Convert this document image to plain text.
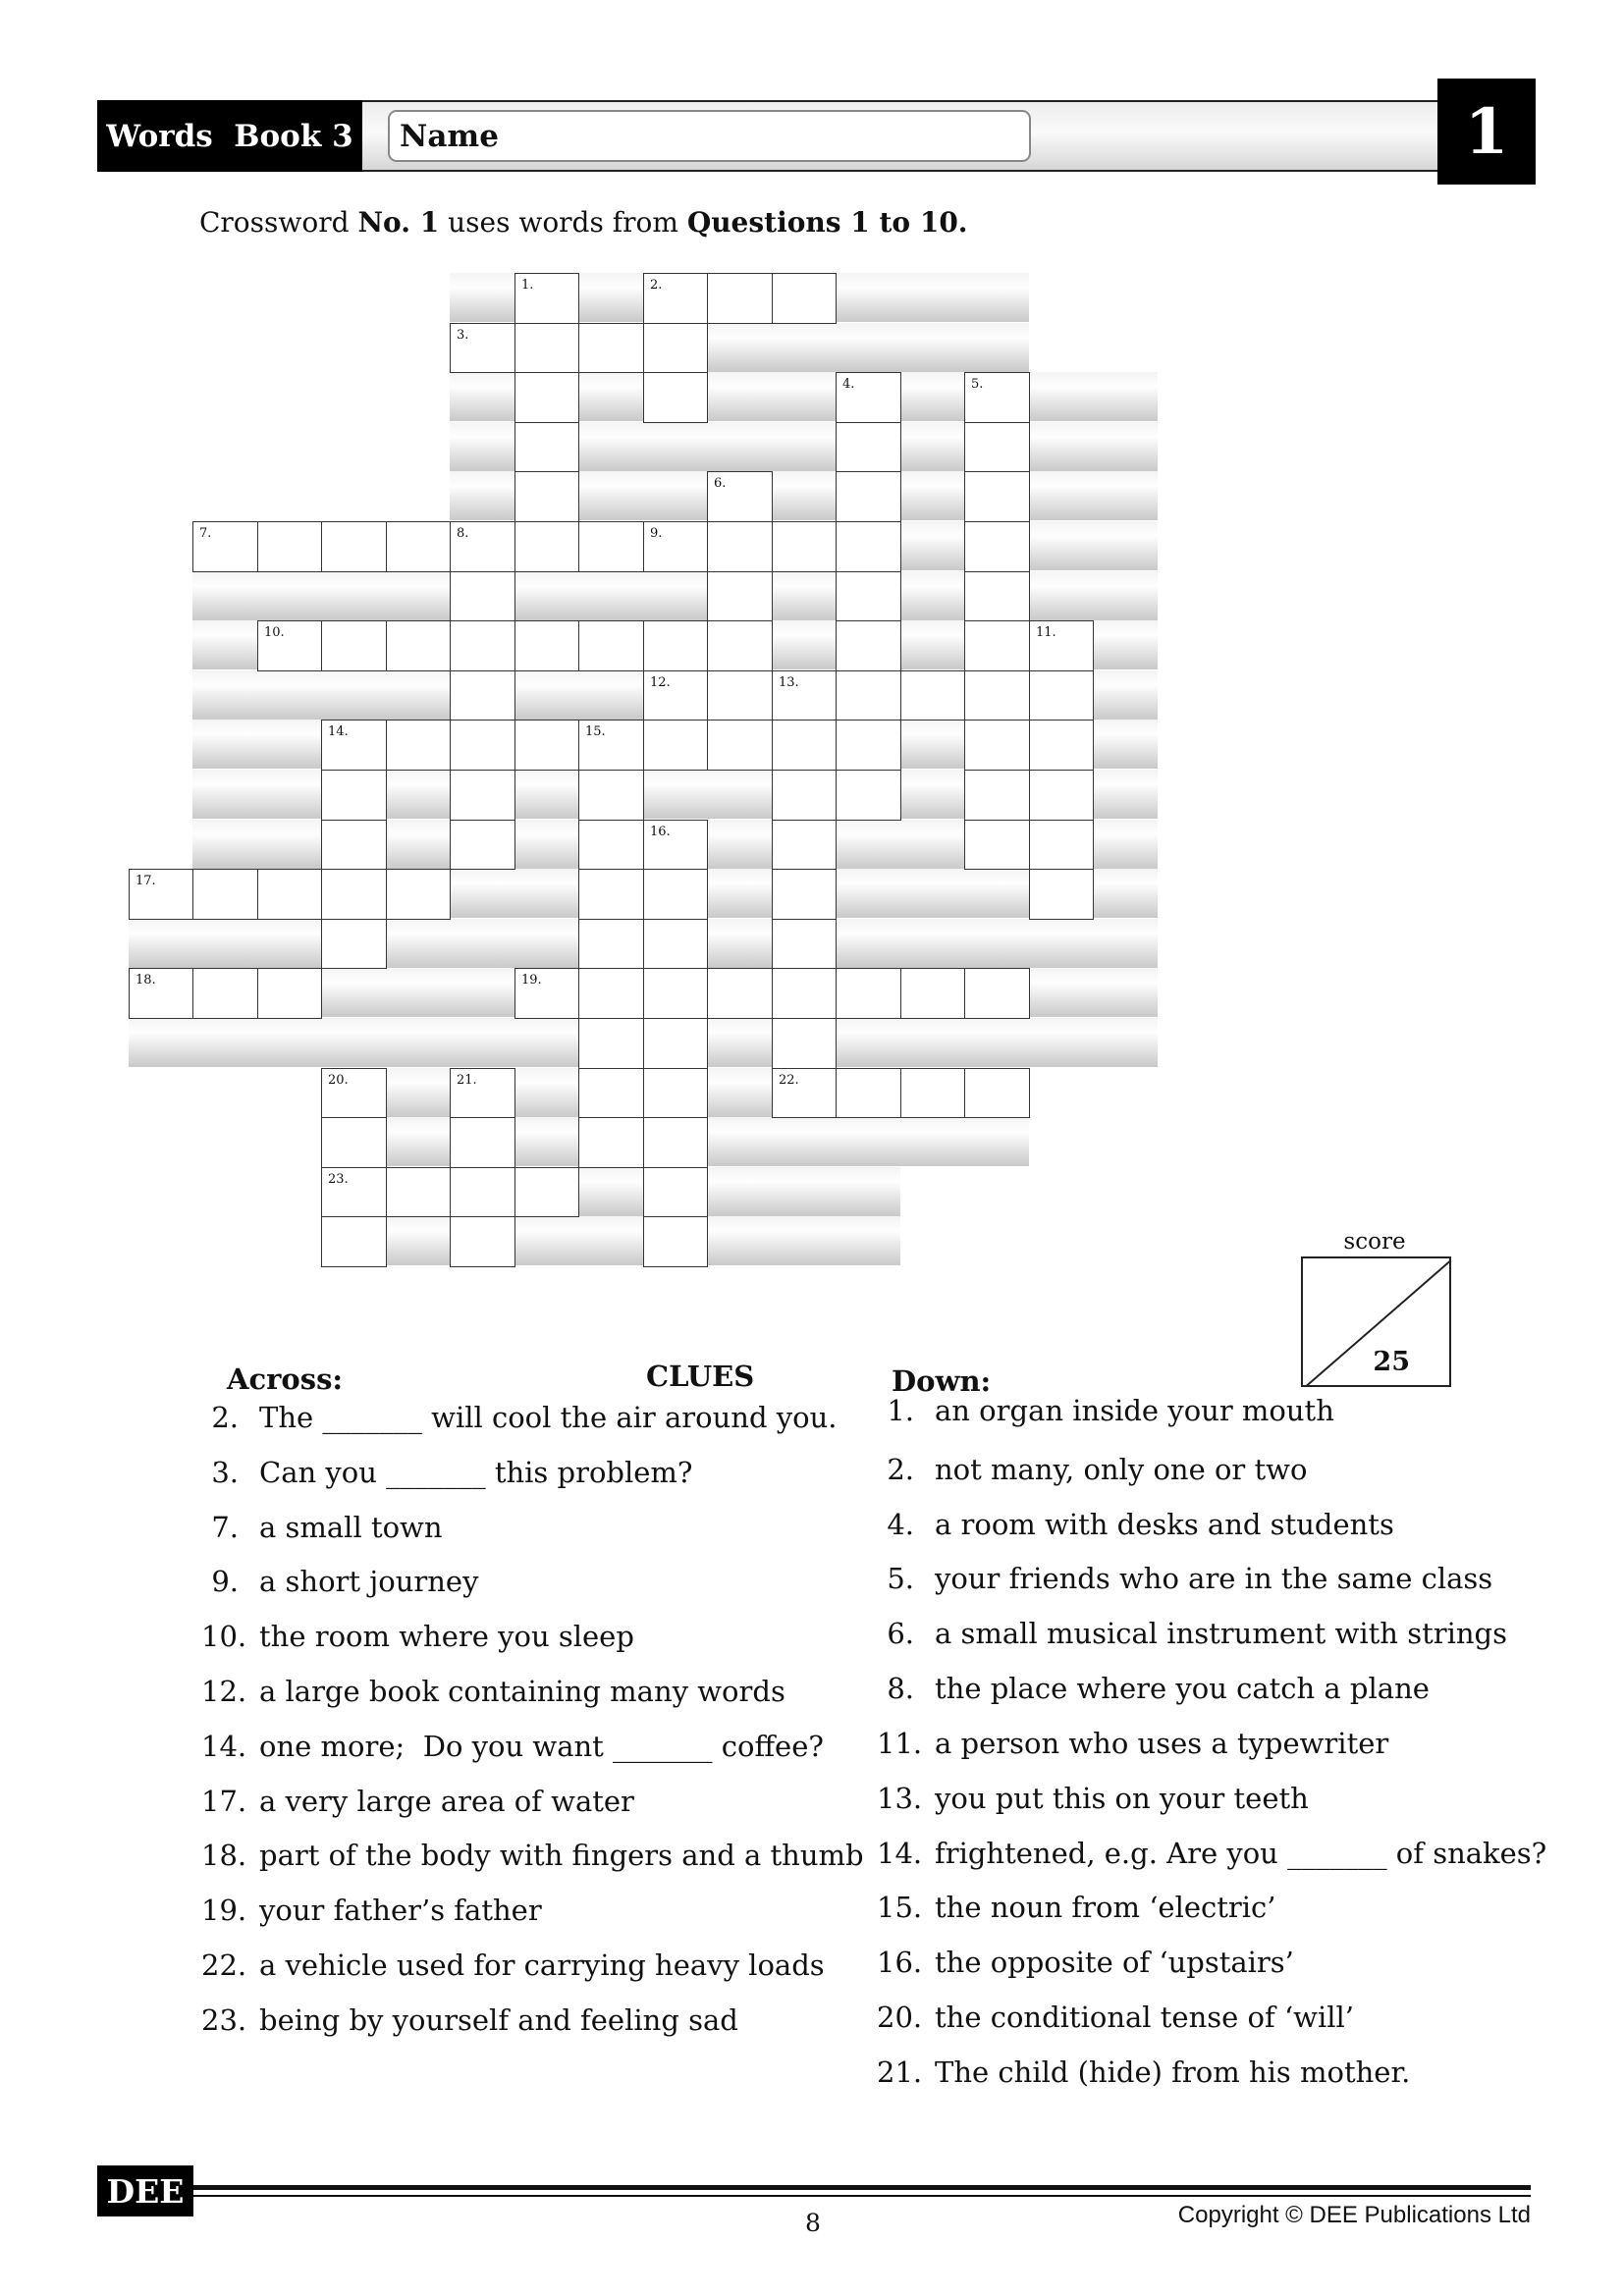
Words  Book 3 Name	1
Crossword No. 1 uses words from Questions 1 to 10.
1.	2.
3.
4.	5.
6.
7.	8.	9.
10.	11.
12.	13.
22.
14.	15.
16.
17.
18.	19.
20.
23.
21.
score
25
Across:	CLUES	Down:
2. The _______ will cool the air around you.
3. Can you _______ this problem?
7. a small town
9. a short journey
10. the room where you sleep
12. a large book containing many words
14. one more;  Do you want _______ coffee?
17. a very large area of water
18. part of the body with fingers and a thumb
19. your father’s father
22. a vehicle used for carrying heavy loads
23. being by yourself and feeling sad
1. an organ inside your mouth
2. not many, only one or two
4. a room with desks and students
5. your friends who are in the same class
6. a small musical instrument with strings
8. the place where you catch a plane
11. a person who uses a typewriter
13. you put this on your teeth
14. frightened, e.g. Are you _______ of snakes?
15. the noun from ‘electric’
16. the opposite of ‘upstairs’
20. the conditional tense of ‘will’
21. The child (hide) from his mother.
DEE
8	Copyright © DEE Publications Ltd
